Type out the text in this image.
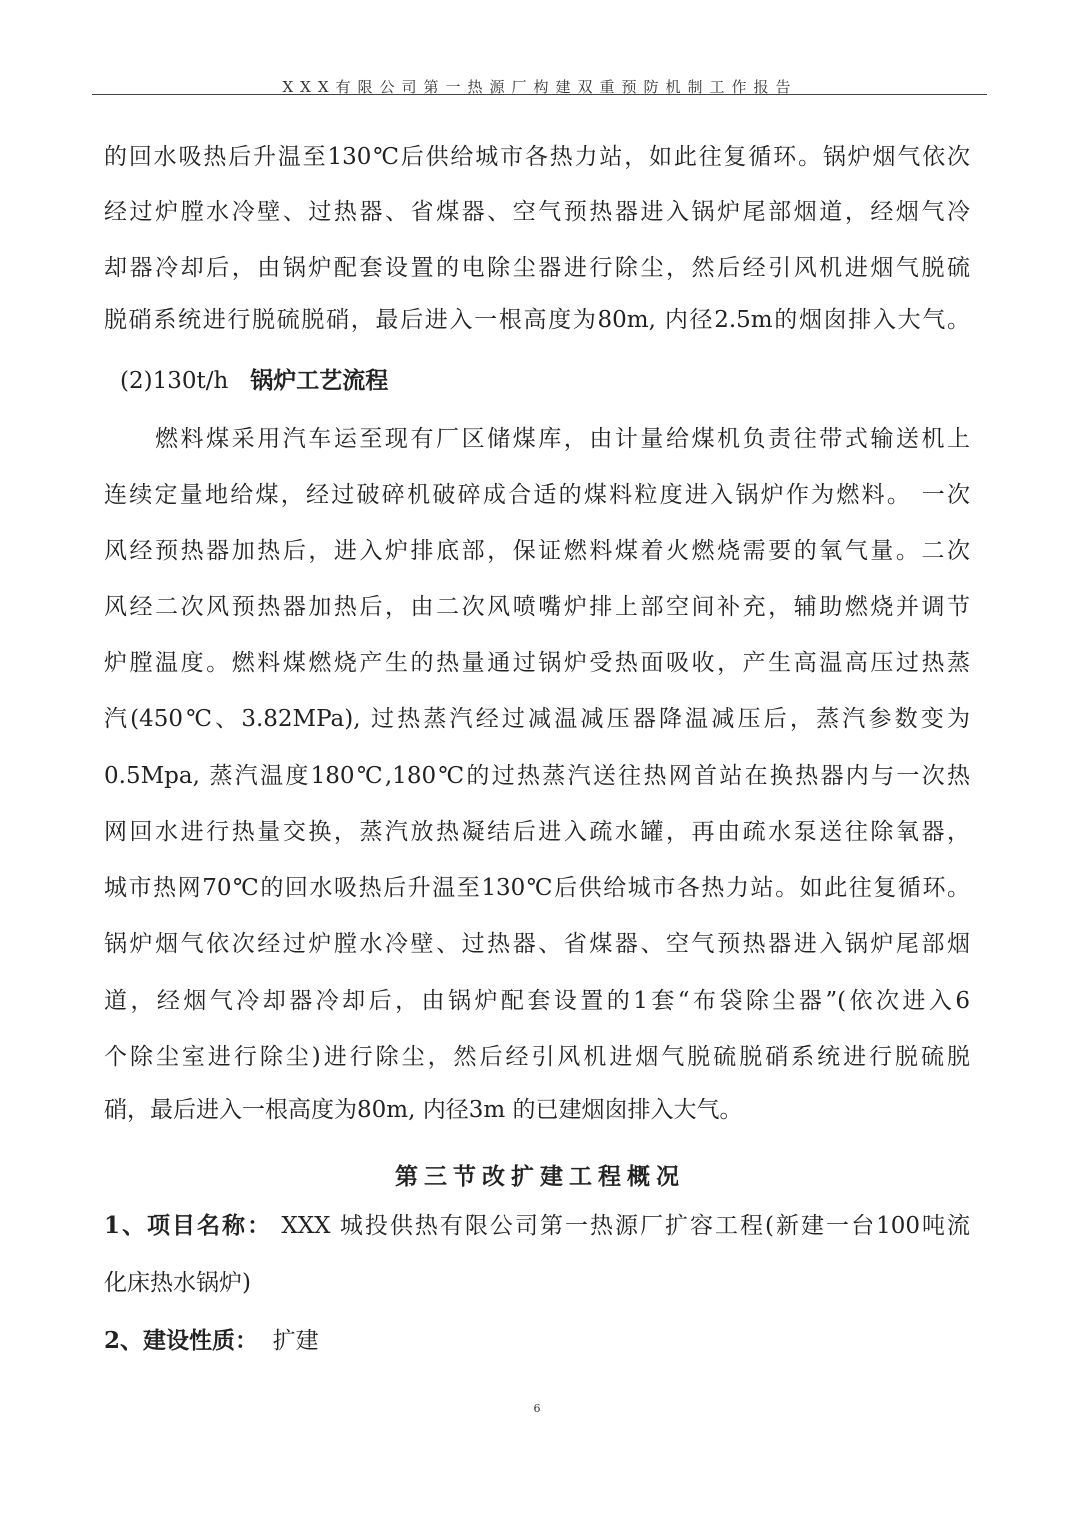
XXX有限公司第一热源厂构建双重预防机制工作报告
的回水吸热后升温至130℃后供给城市各热力站，如此往复循环。锅炉烟气依次
经过炉膛水冷壁、过热器、省煤器、空气预热器进入锅炉尾部烟道，经烟气冷
却器冷却后，由锅炉配套设置的电除尘器进行除尘，然后经引风机进烟气脱硫
脱硝系统进行脱硫脱硝，最后进入一根高度为80m, 内径2.5m的烟囱排入大气。
(2)130t/h 锅炉工艺流程
燃料煤采用汽车运至现有厂区储煤库，由计量给煤机负责往带式输送机上
连续定量地给煤，经过破碎机破碎成合适的煤料粒度进入锅炉作为燃料。 一次
风经预热器加热后，进入炉排底部，保证燃料煤着火燃烧需要的氧气量。二次
风经二次风预热器加热后，由二次风喷嘴炉排上部空间补充，辅助燃烧并调节
炉膛温度。燃料煤燃烧产生的热量通过锅炉受热面吸收，产生高温高压过热蒸
汽(450℃、3.82MPa), 过热蒸汽经过减温减压器降温减压后，蒸汽参数变为
0.5Mpa, 蒸汽温度180℃,180℃的过热蒸汽送往热网首站在换热器内与一次热
网回水进行热量交换，蒸汽放热凝结后进入疏水罐，再由疏水泵送往除氧器，
城市热网70℃的回水吸热后升温至130℃后供给城市各热力站。如此往复循环。
锅炉烟气依次经过炉膛水冷壁、过热器、省煤器、空气预热器进入锅炉尾部烟
道，经烟气冷却器冷却后，由锅炉配套设置的1套“布袋除尘器”(依次进入6
个除尘室进行除尘)进行除尘，然后经引风机进烟气脱硫脱硝系统进行脱硫脱
硝，最后进入一根高度为80m, 内径3m 的已建烟囱排入大气。
第三节改扩建工程概况
1、项目名称： XXX 城投供热有限公司第一热源厂扩容工程(新建一台100吨流
化床热水锅炉)
2、建设性质： 扩建
6
